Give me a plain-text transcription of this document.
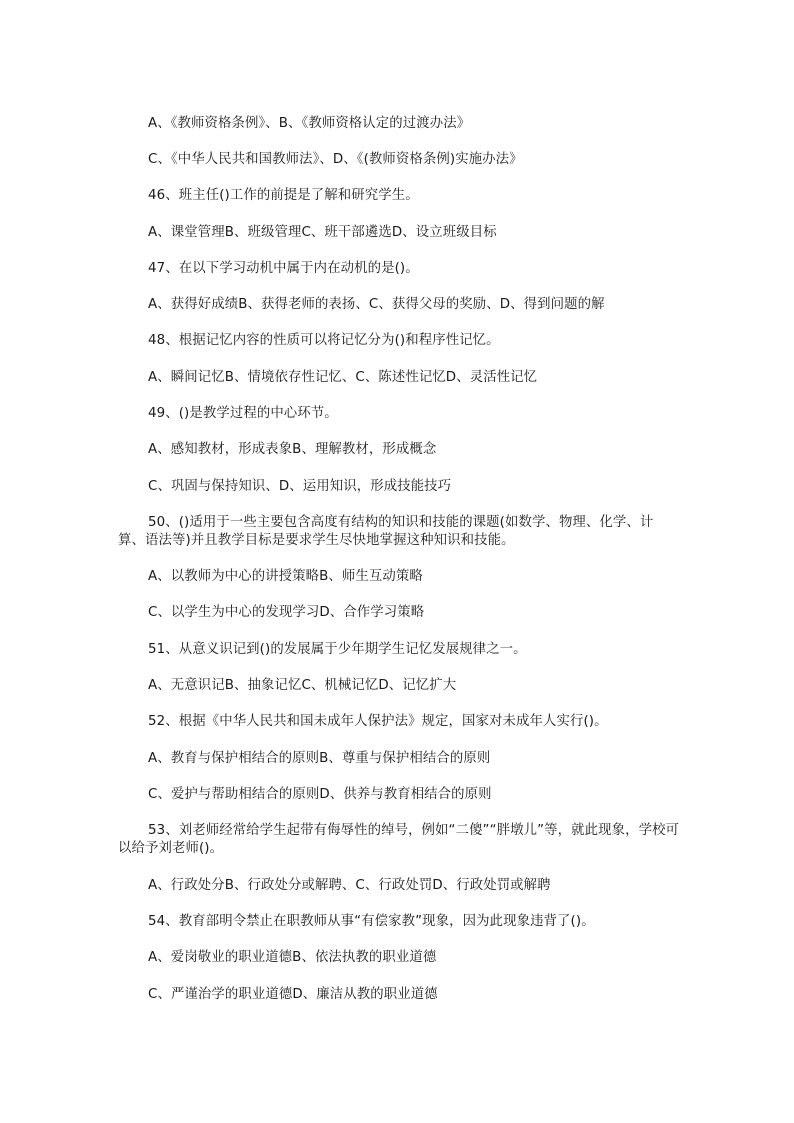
A、《教师资格条例》、B、《教师资格认定的过渡办法》
C、《中华人民共和国教师法》、D、《(教师资格条例)实施办法》
46、班主任()工作的前提是了解和研究学生。
A、课堂管理B、班级管理C、班干部遴选D、设立班级目标
47、在以下学习动机中属于内在动机的是()。
A、获得好成绩B、获得老师的表扬、C、获得父母的奖励、D、得到问题的解
48、根据记忆内容的性质可以将记忆分为()和程序性记忆。
A、瞬间记忆B、情境依存性记忆、C、陈述性记忆D、灵活性记忆
49、()是教学过程的中心环节。
A、感知教材，形成表象B、理解教材，形成概念
C、巩固与保持知识、D、运用知识，形成技能技巧
50、()适用于一些主要包含高度有结构的知识和技能的课题(如数学、物理、化学、计算、语法等)并且教学目标是要求学生尽快地掌握这种知识和技能。
A、以教师为中心的讲授策略B、师生互动策略
C、以学生为中心的发现学习D、合作学习策略
51、从意义识记到()的发展属于少年期学生记忆发展规律之一。
A、无意识记B、抽象记忆C、机械记忆D、记忆扩大
52、根据《中华人民共和国未成年人保护法》规定，国家对未成年人实行()。
A、教育与保护相结合的原则B、尊重与保护相结合的原则
C、爱护与帮助相结合的原则D、供养与教育相结合的原则
53、刘老师经常给学生起带有侮辱性的绰号，例如“二傻”“胖墩儿”等，就此现象，学校可以给予刘老师()。
A、行政处分B、行政处分或解聘、C、行政处罚D、行政处罚或解聘
54、教育部明令禁止在职教师从事“有偿家教”现象，因为此现象违背了()。
A、爱岗敬业的职业道德B、依法执教的职业道德
C、严谨治学的职业道德D、廉洁从教的职业道德
